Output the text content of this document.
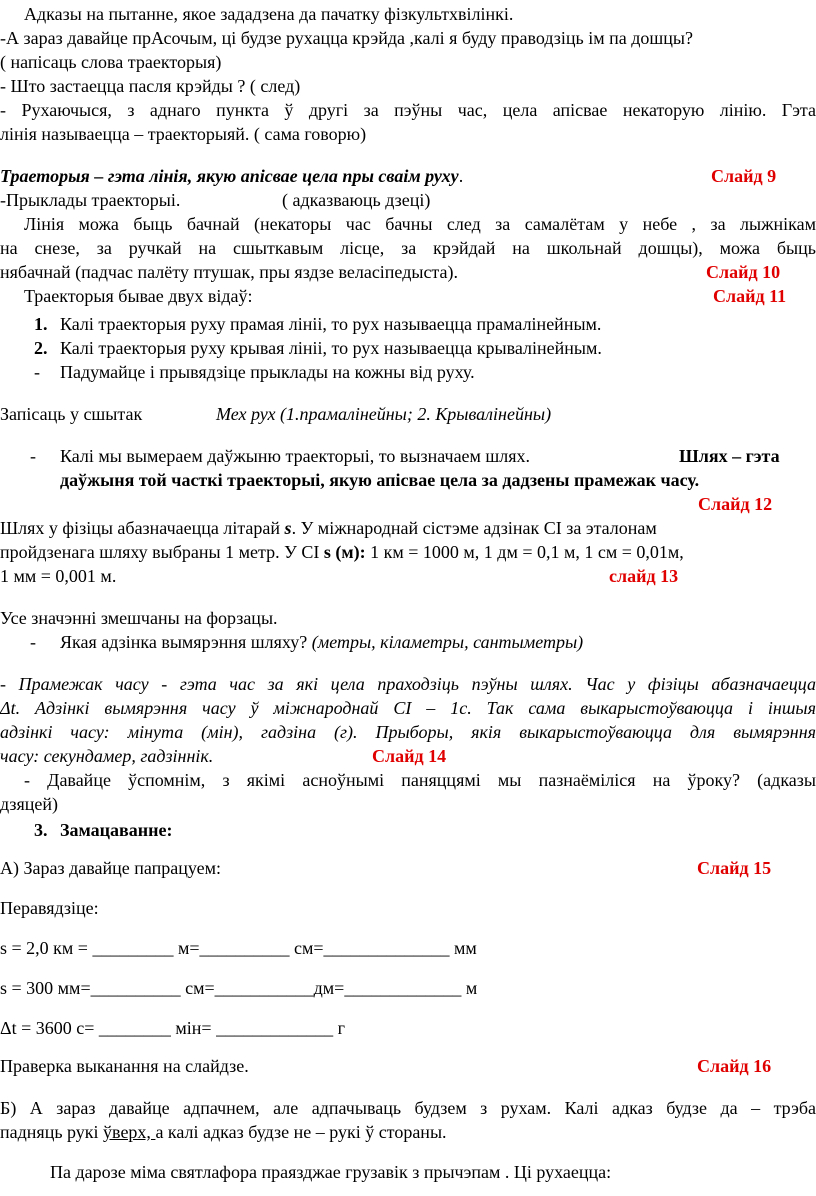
Адказы на пытанне, якое зададзена да пачатку фізкультхвілінкі.
-А зараз давайце прАсочым, ці будзе рухацца крэйда ,калі я буду праводзіць ім па дошцы?
( напісаць слова траекторыя)
- Што застаецца пасля крэйды ? ( след)
- Рухаючыся, з аднаго пункта ў другі за пэўны час, цела апісвае некаторую лінію. Гэта
лінія называецца – траекторыяй. ( сама говорю)
Траеторыя – гэта лінія, якую апісвае цела пры сваім руху.	Слайд 9
-Прыклады траекторыі.	( адказваюць дзеці)
Лінія можа быць бачнай (некаторы час бачны след за самалётам у небе , за лыжнікам
на снезе, за ручкай на сшыткавым лісце, за крэйдай на школьнай дошцы), можа быць
нябачнай (падчас палёту птушак, пры яздзе веласіпедыста).	Слайд 10
Траекторыя бывае двух відаў:	Слайд 11
1. Калі траекторыя руху прамая лініі, то рух называецца прамалінейным.
2. Калі траекторыя руху крывая лініі, то рух называецца крывалінейным.
- Падумайце і прывядзіце прыклады на кожны від руху.
Запісаць у сшытак	Мех рух (1.прамалінейны; 2. Крывалінейны)
- Калі мы вымераем даўжыню траекторыі, то вызначаем шлях.	Шлях – гэта
даўжыня той часткі траекторыі, якую апісвае цела за дадзены прамежак часу.
Слайд 12
Шлях у фізіцы абазначаецца літарай s. У міжнароднай сістэме адзінак СІ за эталонам
пройдзенага шляху выбраны 1 метр. У СІ s (м): 1 км = 1000 м, 1 дм = 0,1 м, 1 см = 0,01м,
1 мм = 0,001 м.	слайд 13
Усе значэнні змешчаны на форзацы.
- Якая адзінка вымярэння шляху? (метры, кіламетры, сантыметры)
- Прамежак часу - гэта час за які цела праходзіць пэўны шлях. Час у фізіцы абазначаецца
Δt. Адзінкі вымярэння часу ў міжнароднай СІ – 1с. Так сама выкарыстоўваюцца і іншыя
адзінкі часу: мінута (мін), гадзіна (г). Прыборы, якія выкарыстоўваюцца для вымярэння
часу: секундамер, гадзіннік.	Слайд 14
- Давайце ўспомнім, з якімі асноўнымі паняццямі мы пазнаёміліся на ўроку? (адказы
дзяцей)
3. Замацаванне:
А) Зараз давайце папрацуем:	Слайд 15
Перавядзіце:
s = 2,0 км = _________ м=__________ см=______________ мм
s = 300 мм=__________ см=___________дм=_____________ м
Δt = 3600 с= ________ мін= _____________ г
Праверка выканання на слайдзе.	Слайд 16
Б) А зараз давайце адпачнем, але адпачываць будзем з рухам. Калі адказ будзе да – трэба
падняць рукі ўверх, а калі адказ будзе не – рукі ў стораны.
Па дарозе міма святлафора праязджае грузавік з прычэпам . Ці рухаецца:
